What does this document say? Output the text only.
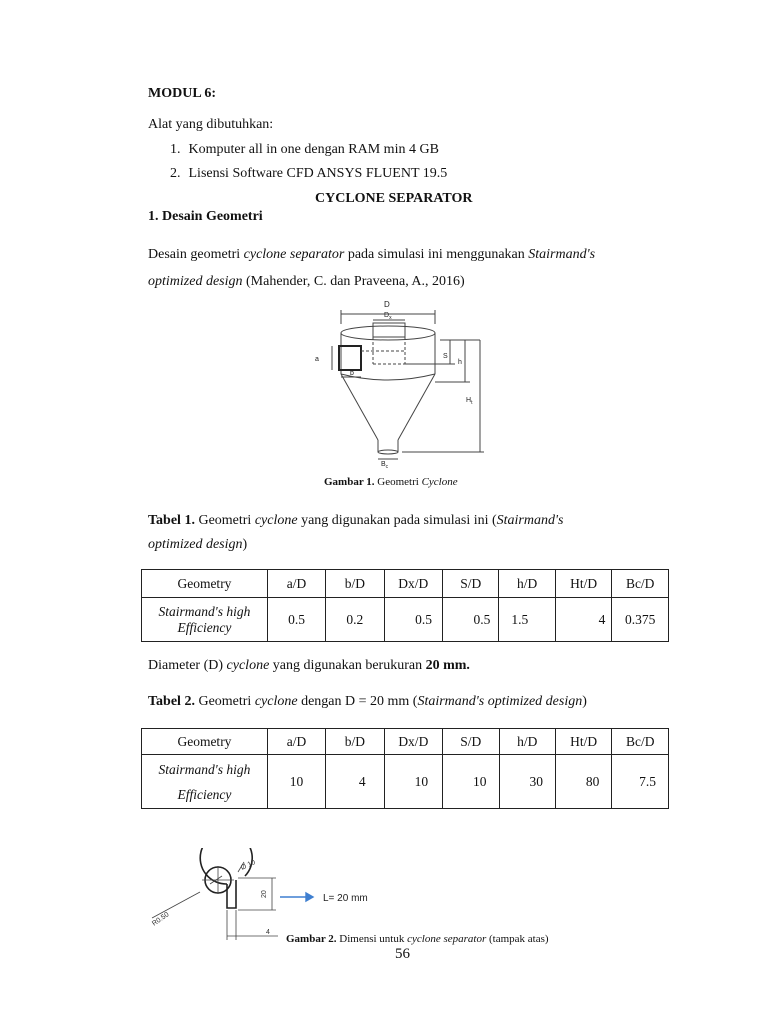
MODUL 6:
Alat yang dibutuhkan:
1. Komputer all in one dengan RAM min 4 GB
2. Lisensi Software CFD ANSYS FLUENT 19.5
CYCLONE SEPARATOR
1. Desain Geometri
Desain geometri cyclone separator pada simulasi ini menggunakan Stairmand's
optimized design (Mahender, C. dan Praveena, A., 2016)
D
$D_x$
S
h
$H_t$
a
b
$B_c$
Gambar 1. Geometri Cyclone
Tabel 1. Geometri cyclone yang digunakan pada simulasi ini (Stairmand's
optimized design)
Geometry	a/D	b/D	Dx/D	S/D	h/D	Ht/D	Bc/D

Stairmand's high
Efficiency	0.5	0.2	0.5	0.5	1.5	4	0.375
Diameter (D) cyclone yang digunakan berukuran 20 mm.
Tabel 2. Geometri cyclone dengan D = 20 mm (Stairmand's optimized design)
Geometry	a/D	b/D	Dx/D	S/D	h/D	Ht/D	Bc/D

Stairmand's high
Efficiency	10	4	10	10	30	80	7.5
Ø 10
R0.50
20
4
L= 20 mm
Gambar 2. Dimensi untuk cyclone separator (tampak atas)
56
